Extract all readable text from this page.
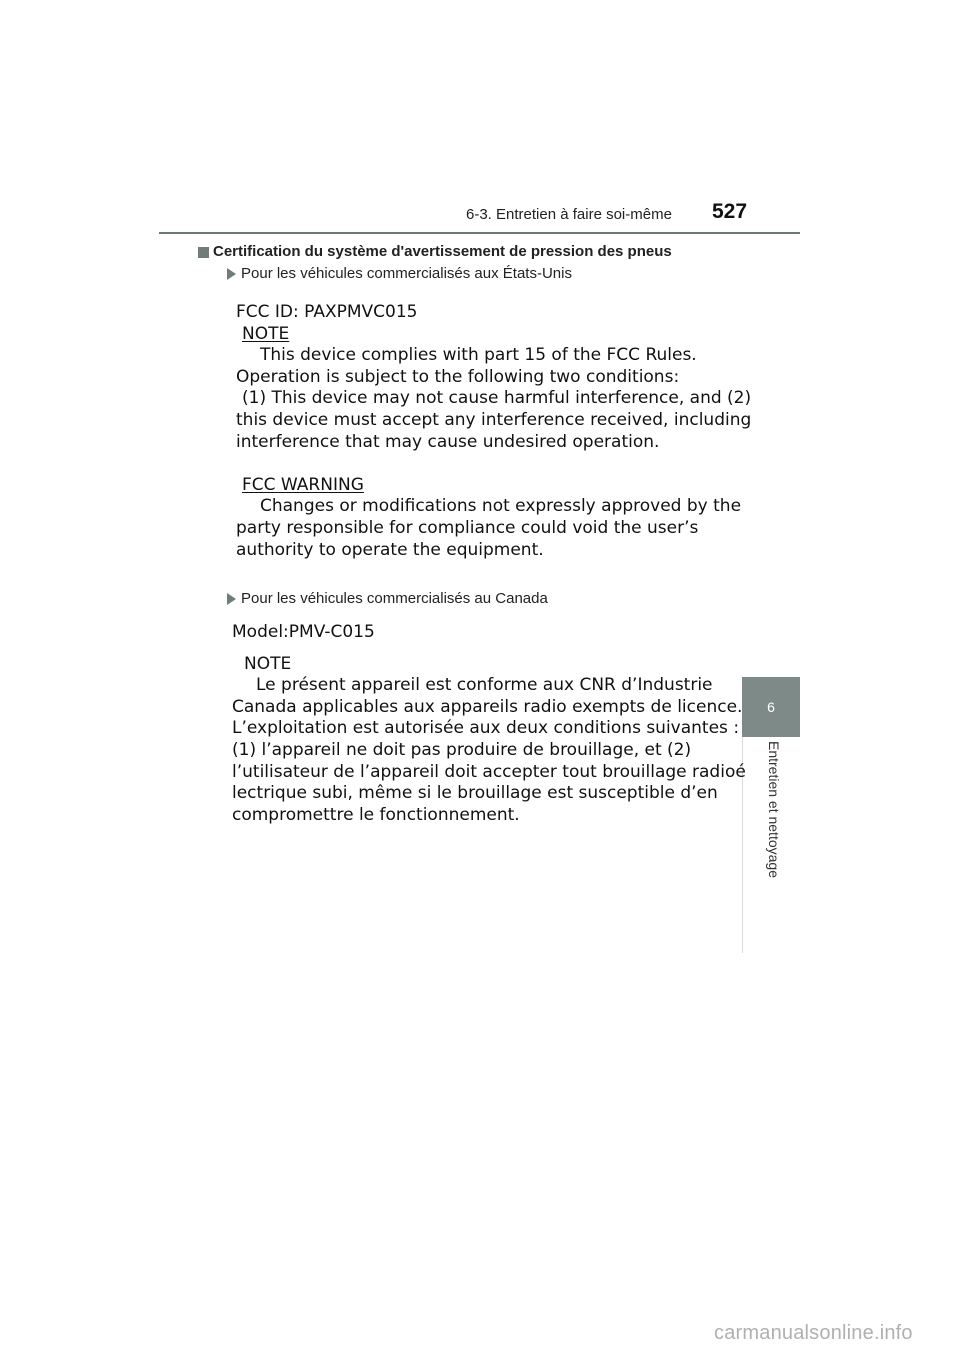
6-3. Entretien à faire soi-même 527
6
Entretien et nettoyage
Certification du système d'avertissement de pression des pneus
Pour les véhicules commercialisés aux États-Unis
FCC ID: PAXPMVC015
NOTE
This device complies with part 15 of the FCC Rules.
Operation is subject to the following two conditions:
(1) This device may not cause harmful interference, and (2)
this device must accept any interference received, including
interference that may cause undesired operation.
FCC WARNING
Changes or modifications not expressly approved by the
party responsible for compliance could void the user’s
authority to operate the equipment.
Pour les véhicules commercialisés au Canada
Model:PMV-C015
NOTE
Le présent appareil est conforme aux CNR d’Industrie
Canada applicables aux appareils radio exempts de licence.
L’exploitation est autorisée aux deux conditions suivantes :
(1) l’appareil ne doit pas produire de brouillage, et (2)
l’utilisateur de l’appareil doit accepter tout brouillage radioé
lectrique subi, même si le brouillage est susceptible d’en
compromettre le fonctionnement.
carmanualsonline.info
